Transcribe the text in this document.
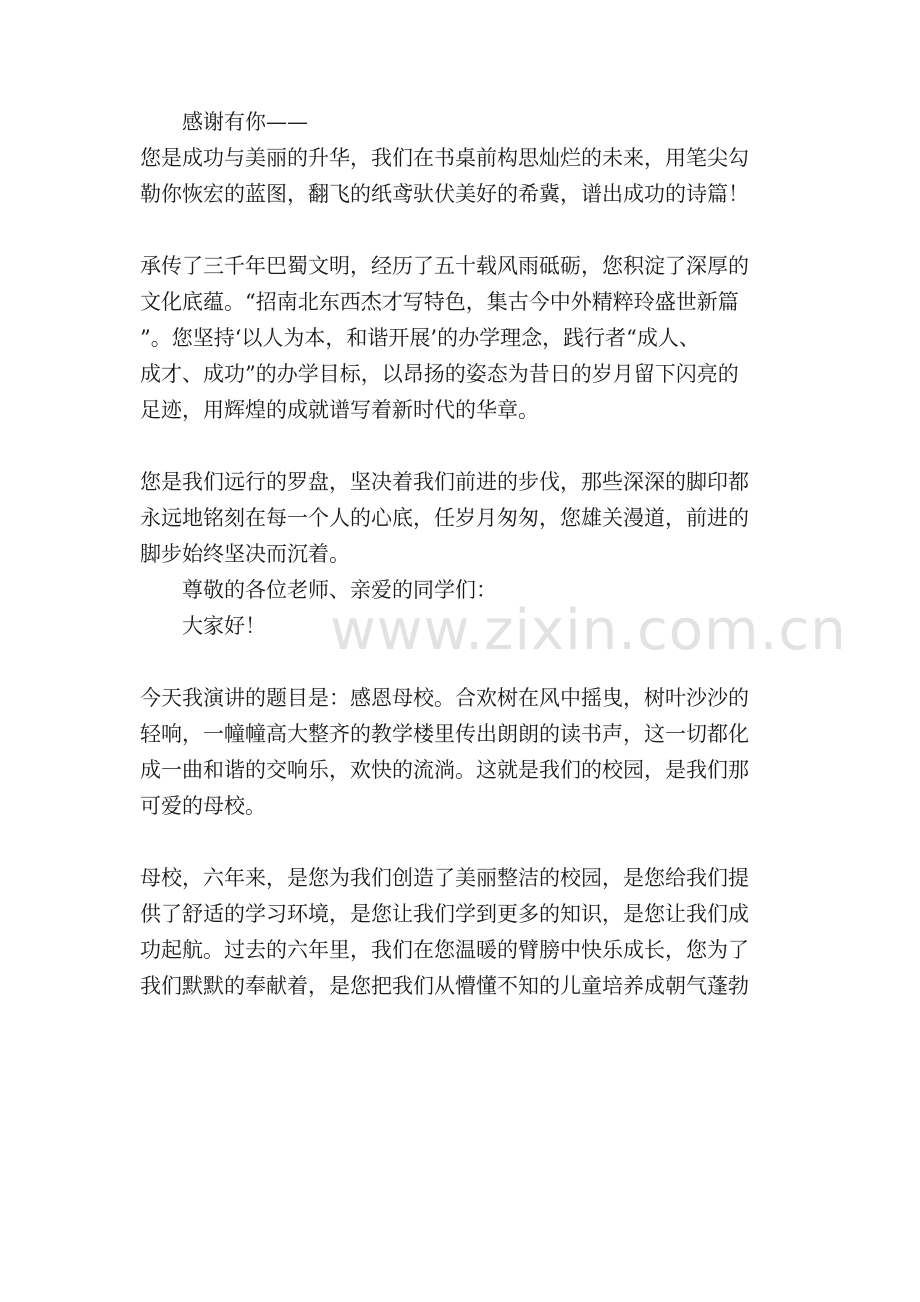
感谢有你——
您是成功与美丽的升华，我们在书桌前构思灿烂的未来，用笔尖勾
勒你恢宏的蓝图，翻飞的纸鸢驮伏美好的希冀，谱出成功的诗篇！
承传了三千年巴蜀文明，经历了五十载风雨砥砺，您积淀了深厚的
文化底蕴。“招南北东西杰才写特色，集古今中外精粹玲盛世新篇
”。您坚持‘以人为本，和谐开展’的办学理念，践行者“成人、
成才、成功”的办学目标，以昂扬的姿态为昔日的岁月留下闪亮的
足迹，用辉煌的成就谱写着新时代的华章。
您是我们远行的罗盘，坚决着我们前进的步伐，那些深深的脚印都
永远地铭刻在每一个人的心底，任岁月匆匆，您雄关漫道，前进的
脚步始终坚决而沉着。
尊敬的各位老师、亲爱的同学们：
大家好！
今天我演讲的题目是：感恩母校。合欢树在风中摇曳，树叶沙沙的
轻响，一幢幢高大整齐的教学楼里传出朗朗的读书声，这一切都化
成一曲和谐的交响乐，欢快的流淌。这就是我们的校园，是我们那
可爱的母校。
母校，六年来，是您为我们创造了美丽整洁的校园，是您给我们提
供了舒适的学习环境，是您让我们学到更多的知识，是您让我们成
功起航。过去的六年里，我们在您温暖的臂膀中快乐成长，您为了
我们默默的奉献着，是您把我们从懵懂不知的儿童培养成朝气蓬勃
www.zixin.com.cn
